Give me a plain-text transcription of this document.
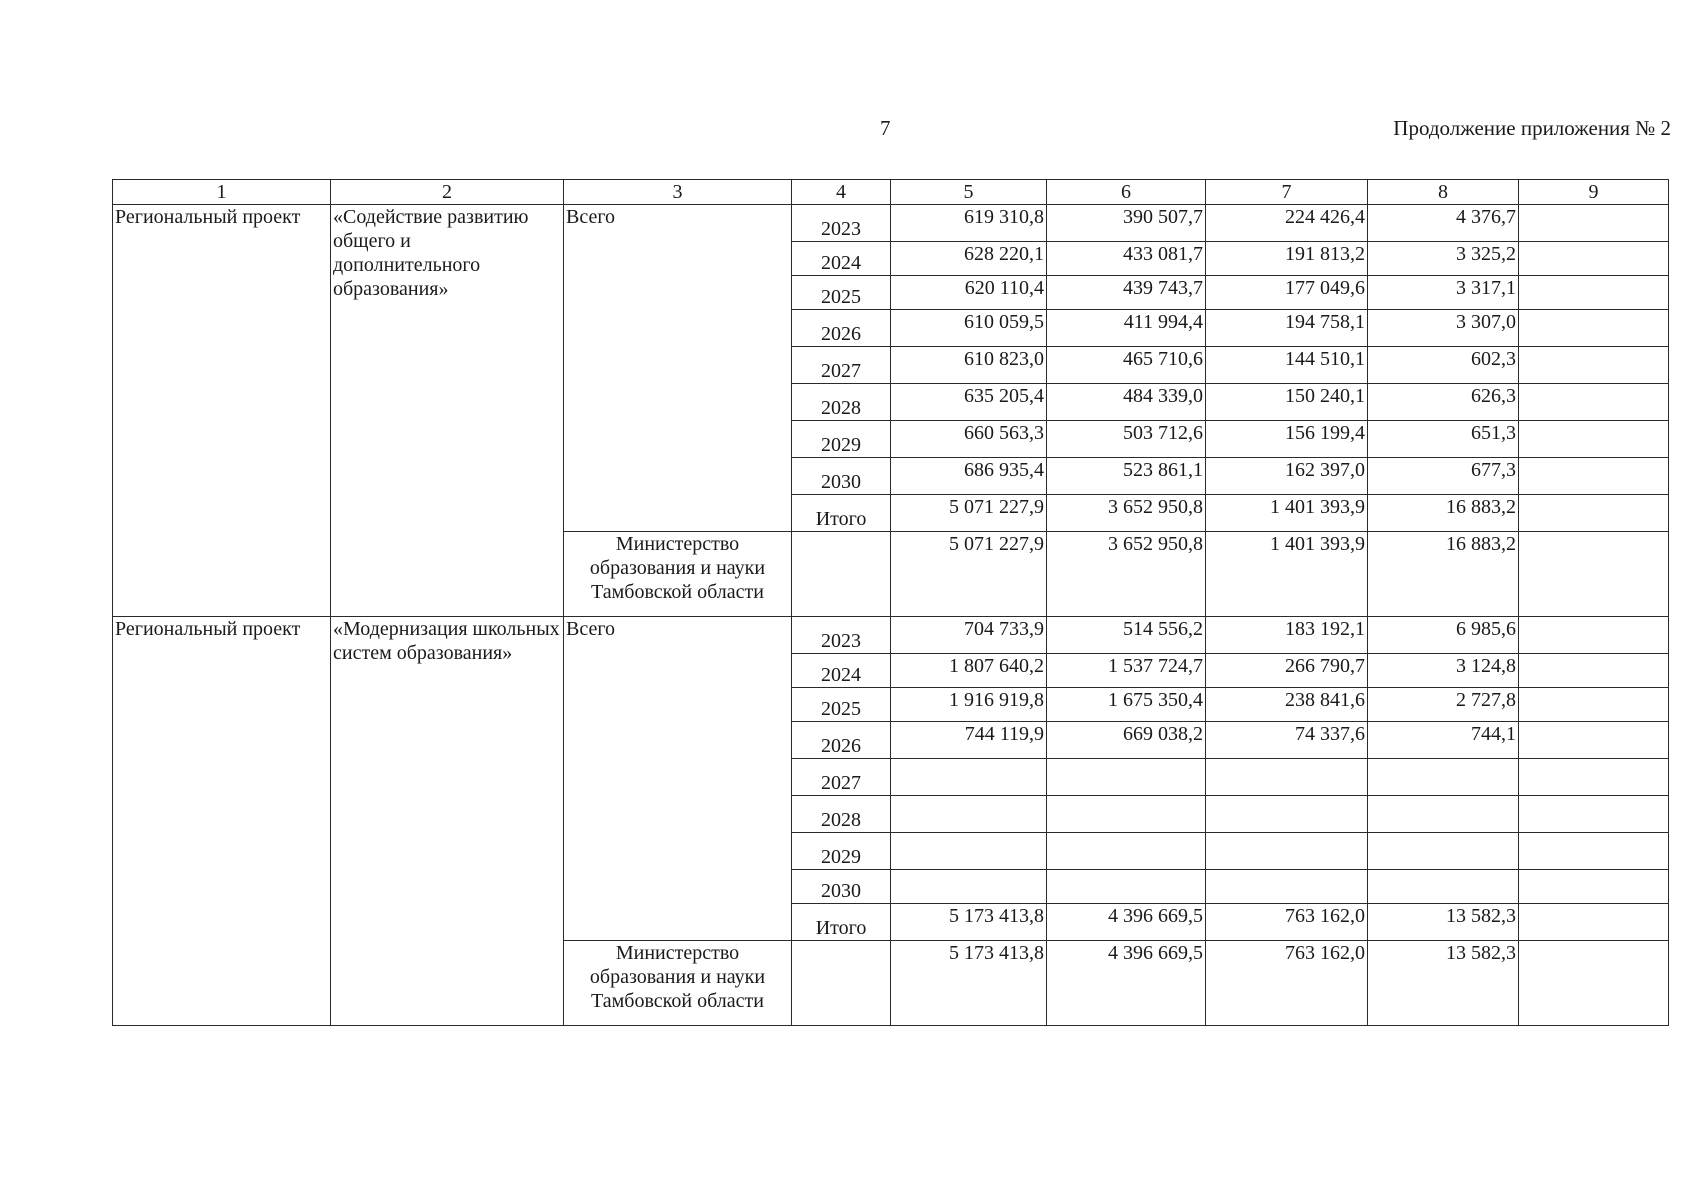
7	Продолжение приложения № 2
1	2	3	4	5	6	7	8	9
Региональный проект	«Содействие развитию общего и дополнительного образования»	Всего	2023	619 310,8	390 507,7	224 426,4	4 376,7	
			2024	628 220,1	433 081,7	191 813,2	3 325,2	
			2025	620 110,4	439 743,7	177 049,6	3 317,1	
			2026	610 059,5	411 994,4	194 758,1	3 307,0	
			2027	610 823,0	465 710,6	144 510,1	602,3	
			2028	635 205,4	484 339,0	150 240,1	626,3	
			2029	660 563,3	503 712,6	156 199,4	651,3	
			2030	686 935,4	523 861,1	162 397,0	677,3	
			Итого	5 071 227,9	3 652 950,8	1 401 393,9	16 883,2	
		Министерство образования и науки Тамбовской области		5 071 227,9	3 652 950,8	1 401 393,9	16 883,2	
Региональный проект	«Модернизация школьных систем образования»	Всего	2023	704 733,9	514 556,2	183 192,1	6 985,6	
			2024	1 807 640,2	1 537 724,7	266 790,7	3 124,8	
			2025	1 916 919,8	1 675 350,4	238 841,6	2 727,8	
			2026	744 119,9	669 038,2	74 337,6	744,1	
			2027					
			2028					
			2029					
			2030					
			Итого	5 173 413,8	4 396 669,5	763 162,0	13 582,3	
		Министерство образования и науки Тамбовской области		5 173 413,8	4 396 669,5	763 162,0	13 582,3	
